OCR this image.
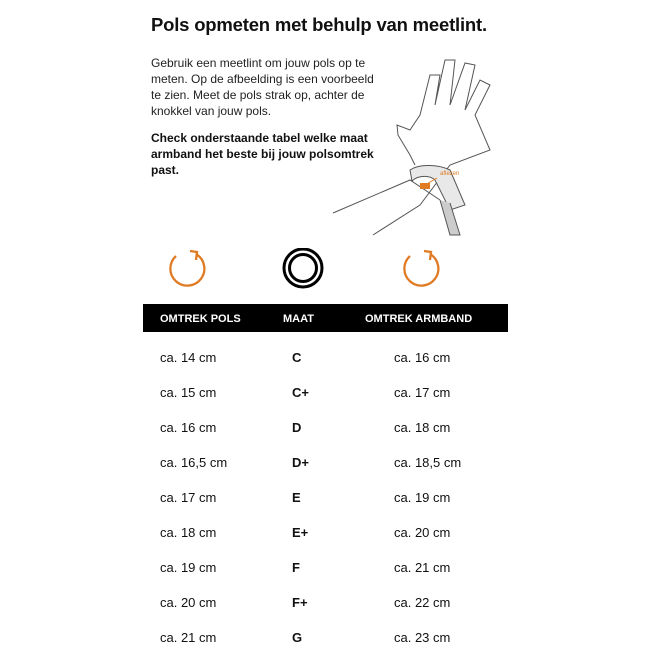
Pols opmeten met behulp van meetlint.
Gebruik een meetlint om jouw pols op te meten. Op de afbeelding is een voorbeeld te zien. Meet de pols strak op, achter de knokkel van jouw pols.
Check onderstaande tabel welke maat armband het beste bij jouw polsomtrek past.	aflezen
OMTREK POLS	MAAT	OMTREK ARMBAND
ca. 14 cm	C	ca. 16 cm
ca. 15 cm	C+	ca. 17 cm
ca. 16 cm	D	ca. 18 cm
ca. 16,5 cm	D+	ca. 18,5 cm
ca. 17 cm	E	ca. 19 cm
ca. 18 cm	E+	ca. 20 cm
ca. 19 cm	F	ca. 21 cm
ca. 20 cm	F+	ca. 22 cm
ca. 21 cm	G	ca. 23 cm
